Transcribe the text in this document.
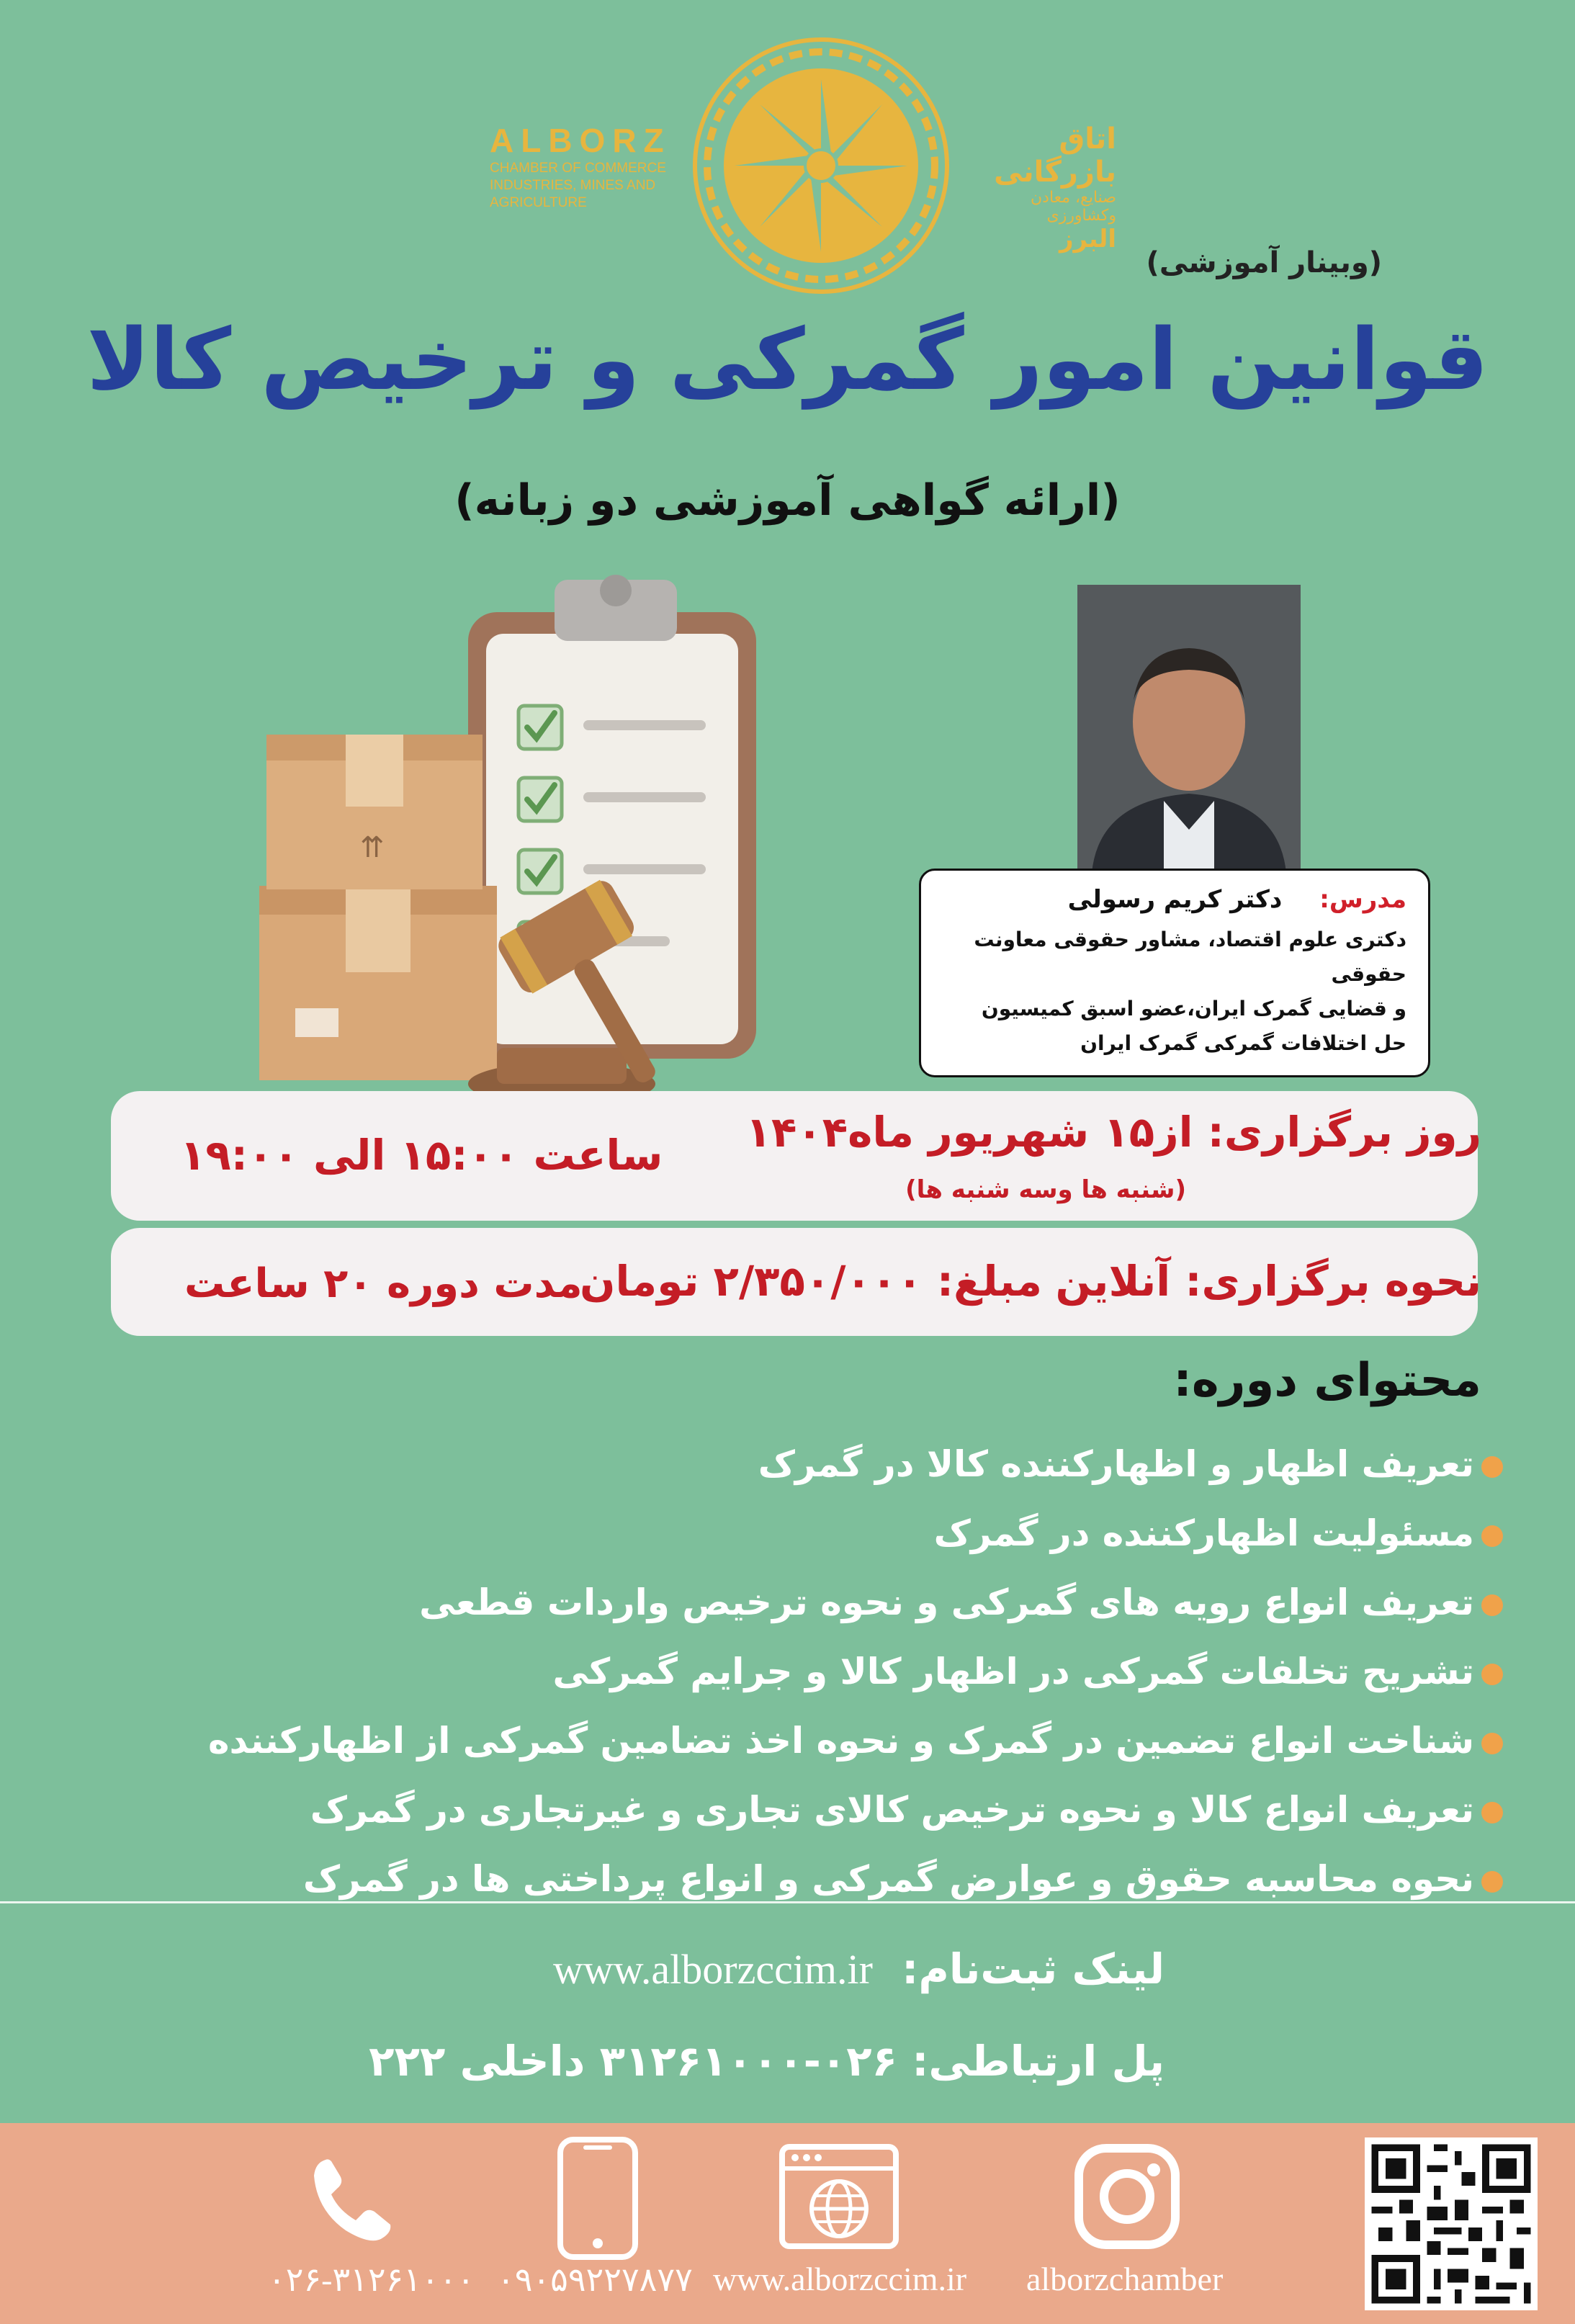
ALBORZ
CHAMBER OF COMMERCE
INDUSTRIES, MINES AND AGRICULTURE
اتاق بازرگانی
صنایع، معادن وکشاورزی
البرز
(وبینار آموزشی)
قوانین امور گمرکی و ترخیص کالا
(ارائه گواهی آموزشی دو زبانه)
⇈
مدرس: دکتر کریم رسولی
دکتری علوم اقتصاد، مشاور حقوقی معاونت حقوقی
و قضایی گمرک ایران،عضو اسبق کمیسیون
حل اختلافات گمرکی گمرک ایران
روز برگزاری: از۱۵ شهریور ماه۱۴۰۴
(شنبه ها وسه شنبه ها)
ساعت ۱۵:۰۰ الی ۱۹:۰۰
نحوه برگزاری: آنلاین
مبلغ: ۲/۳۵۰/۰۰۰ تومان
مدت دوره ۲۰ ساعت
محتوای دوره:
تعریف اظهار و اظهارکننده کالا در گمرک
مسئولیت اظهارکننده در گمرک
تعریف انواع رویه های گمرکی و نحوه ترخیص واردات قطعی
تشریح تخلفات گمرکی در اظهار کالا و جرایم گمرکی
شناخت انواع تضمین در گمرک و نحوه اخذ تضامین گمرکی از اظهارکننده
تعریف انواع کالا و نحوه ترخیص کالای تجاری و غیرتجاری در گمرک
نحوه محاسبه حقوق و عوارض گمرکی و انواع پرداختی ها در گمرک
لینک ثبت‌نام: www.alborzccim.ir
پل ارتباطی: ۰۲۶-۳۱۲۶۱۰۰۰ داخلی ۲۲۲
۰۲۶-۳۱۲۶۱۰۰۰ ۰۹۰۵۹۲۲۷۸۷۷ www.alborzccim.ir alborzchamber
